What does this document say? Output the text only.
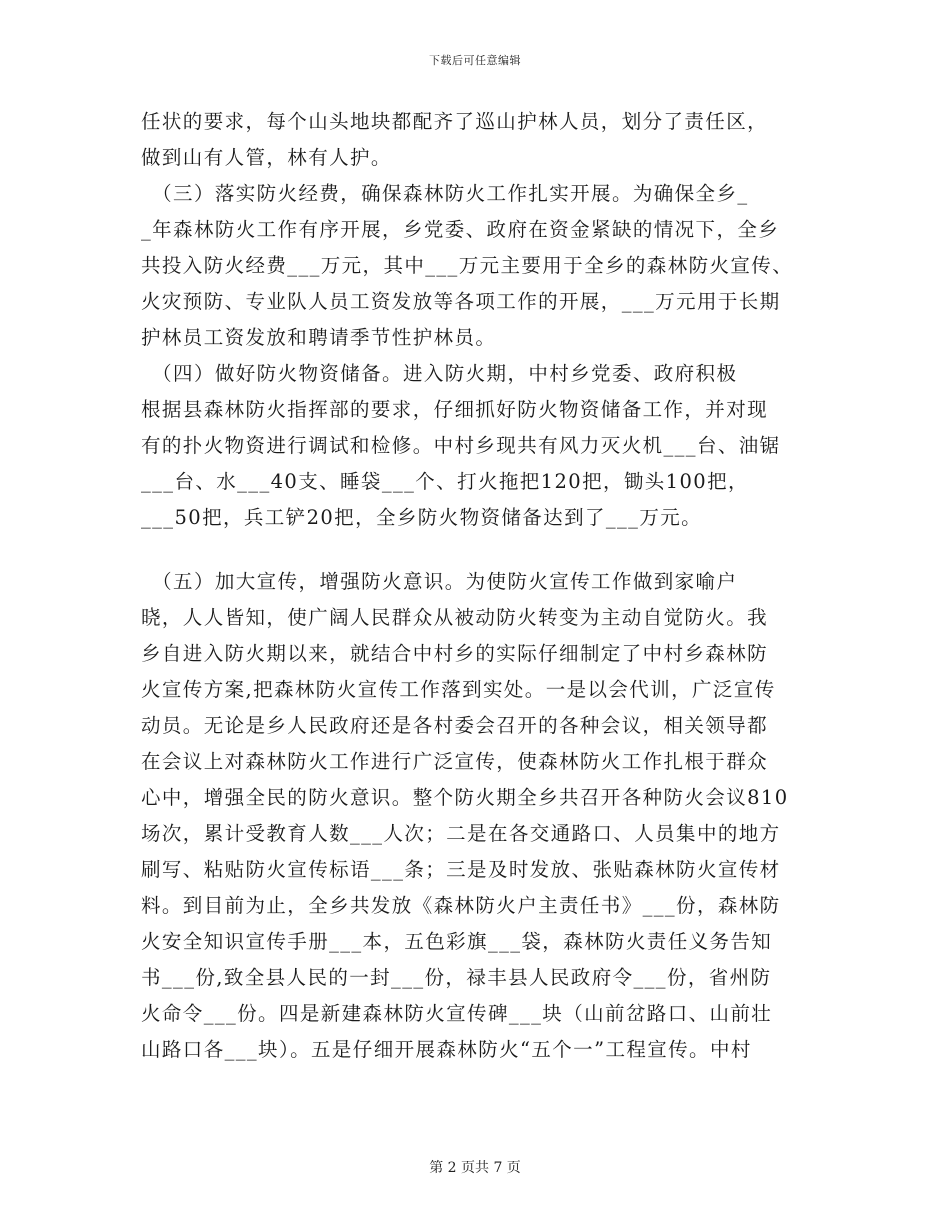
下载后可任意编辑
任状的要求，每个山头地块都配齐了巡山护林人员，划分了责任区，
做到山有人管，林有人护。
　（三）落实防火经费，确保森林防火工作扎实开展。为确保全乡_
_年森林防火工作有序开展，乡党委、政府在资金紧缺的情况下，全乡
共投入防火经费___万元，其中___万元主要用于全乡的森林防火宣传、
火灾预防、专业队人员工资发放等各项工作的开展，___万元用于长期
护林员工资发放和聘请季节性护林员。
　（四）做好防火物资储备。进入防火期，中村乡党委、政府积极
根据县森林防火指挥部的要求，仔细抓好防火物资储备工作，并对现
有的扑火物资进行调试和检修。中村乡现共有风力灭火机___台、油锯
___台、水___40支、睡袋___个、打火拖把120把，锄头100把，
___50把，兵工铲20把，全乡防火物资储备达到了___万元。
　（五）加大宣传，增强防火意识。为使防火宣传工作做到家喻户
晓，人人皆知，使广阔人民群众从被动防火转变为主动自觉防火。我
乡自进入防火期以来，就结合中村乡的实际仔细制定了中村乡森林防
火宣传方案,把森林防火宣传工作落到实处。一是以会代训，广泛宣传
动员。无论是乡人民政府还是各村委会召开的各种会议，相关领导都
在会议上对森林防火工作进行广泛宣传，使森林防火工作扎根于群众
心中，增强全民的防火意识。整个防火期全乡共召开各种防火会议810
场次，累计受教育人数___人次；二是在各交通路口、人员集中的地方
刷写、粘贴防火宣传标语___条；三是及时发放、张贴森林防火宣传材
料。到目前为止，全乡共发放《森林防火户主责任书》___份，森林防
火安全知识宣传手册___本，五色彩旗___袋，森林防火责任义务告知
书___份,致全县人民的一封___份，禄丰县人民政府令___份，省州防
火命令___份。四是新建森林防火宣传碑___块（山前岔路口、山前壮
山路口各___块）。五是仔细开展森林防火“五个一”工程宣传。中村
第 2 页共 7 页
